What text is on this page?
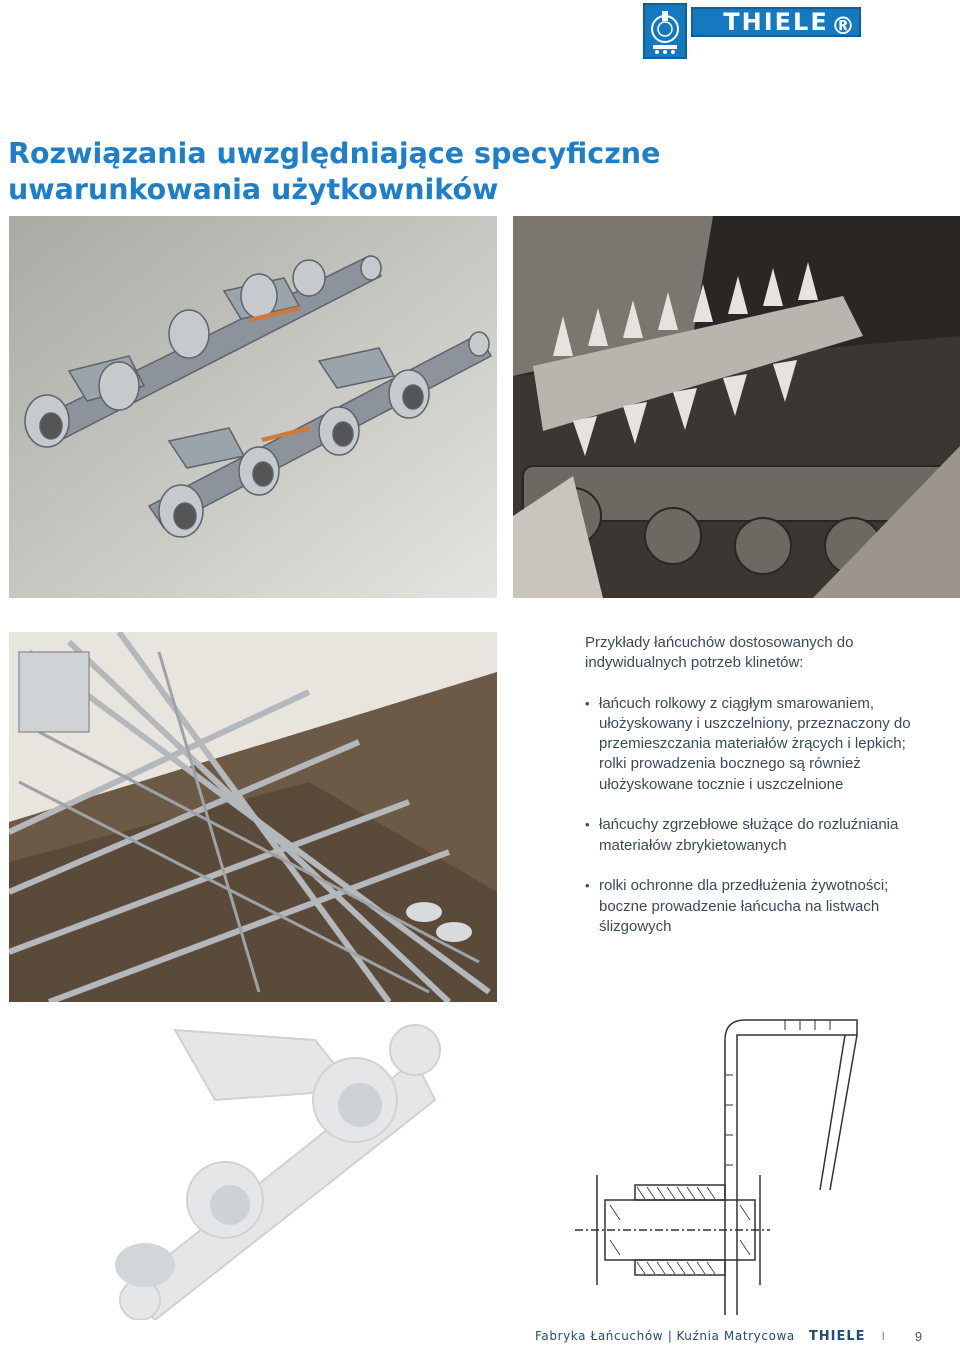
THIELE ®
Rozwiązania uwzględniające specyficzne
uwarunkowania użytkowników

Przykłady łańcuchów dostosowanych do indywidualnych potrzeb klinetów:

• łańcuch rolkowy z ciągłym smarowaniem, ułożyskowany i uszczelniony, przeznaczony do przemieszczania materiałów żrących i lepkich; rolki prowadzenia bocznego są również ułożyskowane tocznie i uszczelnione
• łańcuchy zgrzebłowe służące do rozluźniania materiałów zbrykietowanych
• rolki ochronne dla przedłużenia żywotności; boczne prowadzenie łańcucha na listwach ślizgowych
Fabryka Łańcuchów | Kuźnia Matrycowa THIELE I 9
